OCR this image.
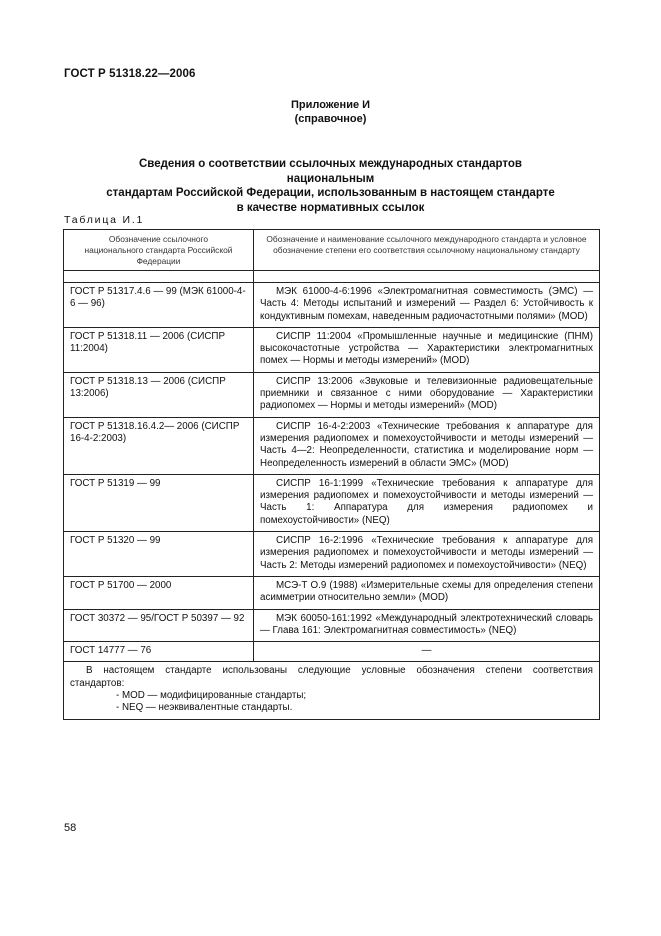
ГОСТ Р 51318.22—2006
Приложение И
(справочное)
Сведения о соответствии ссылочных международных стандартов национальным
стандартам Российской Федерации, использованным в настоящем стандарте
в качестве нормативных ссылок
Таблица И.1
Обозначение ссылочного национального стандарта Российской Федерации	Обозначение и наименование ссылочного международного стандарта и условное обозначение степени его соответствия ссылочному национальному стандарту

ГОСТ Р 51317.4.6 — 99 (МЭК 61000-4-6 — 96)	МЭК 61000-4-6:1996 «Электромагнитная совместимость (ЭМС) — Часть 4: Методы испытаний и измерений — Раздел 6: Устойчивость к кондуктивным помехам, наведенным радиочастотными полями» (MOD)
ГОСТ Р 51318.11 — 2006 (СИСПР 11:2004)	СИСПР 11:2004 «Промышленные научные и медицинские (ПНМ) высокочастотные устройства — Характеристики электромагнитных помех — Нормы и методы измерений» (MOD)
ГОСТ Р 51318.13 — 2006 (СИСПР 13:2006)	СИСПР 13:2006 «Звуковые и телевизионные радиовещательные приемники и связанное с ними оборудование — Характеристики радиопомех — Нормы и методы измерений» (MOD)
ГОСТ Р 51318.16.4.2— 2006 (СИСПР 16-4-2:2003)	СИСПР 16-4-2:2003 «Технические требования к аппаратуре для измерения радиопомех и помехоустойчивости и методы измерений — Часть 4—2: Неопределенности, статистика и моделирование норм — Неопределенность измерений в области ЭМС» (MOD)
ГОСТ Р 51319 — 99	СИСПР 16-1:1999 «Технические требования к аппаратуре для измерения радиопомех и помехоустойчивости и методы измерений — Часть 1: Аппаратура для измерения радиопомех и помехоустойчивости» (NEQ)
ГОСТ Р 51320 — 99	СИСПР 16-2:1996 «Технические требования к аппаратуре для измерения радиопомех и помехоустойчивости и методы измерений — Часть 2: Методы измерений радиопомех и помехоустойчивости» (NEQ)
ГОСТ Р 51700 — 2000	МСЭ-Т О.9 (1988) «Измерительные схемы для определения степени асимметрии относительно земли» (MOD)
ГОСТ 30372 — 95/ГОСТ Р 50397 — 92	МЭК 60050-161:1992 «Международный электротехнический словарь — Глава 161: Электромагнитная совместимость» (NEQ)
ГОСТ 14777 — 76	—

В настоящем стандарте использованы следующие условные обозначения степени соответствия стандартов:
- MOD — модифицированные стандарты;
- NEQ — неэквивалентные стандарты.	
58
